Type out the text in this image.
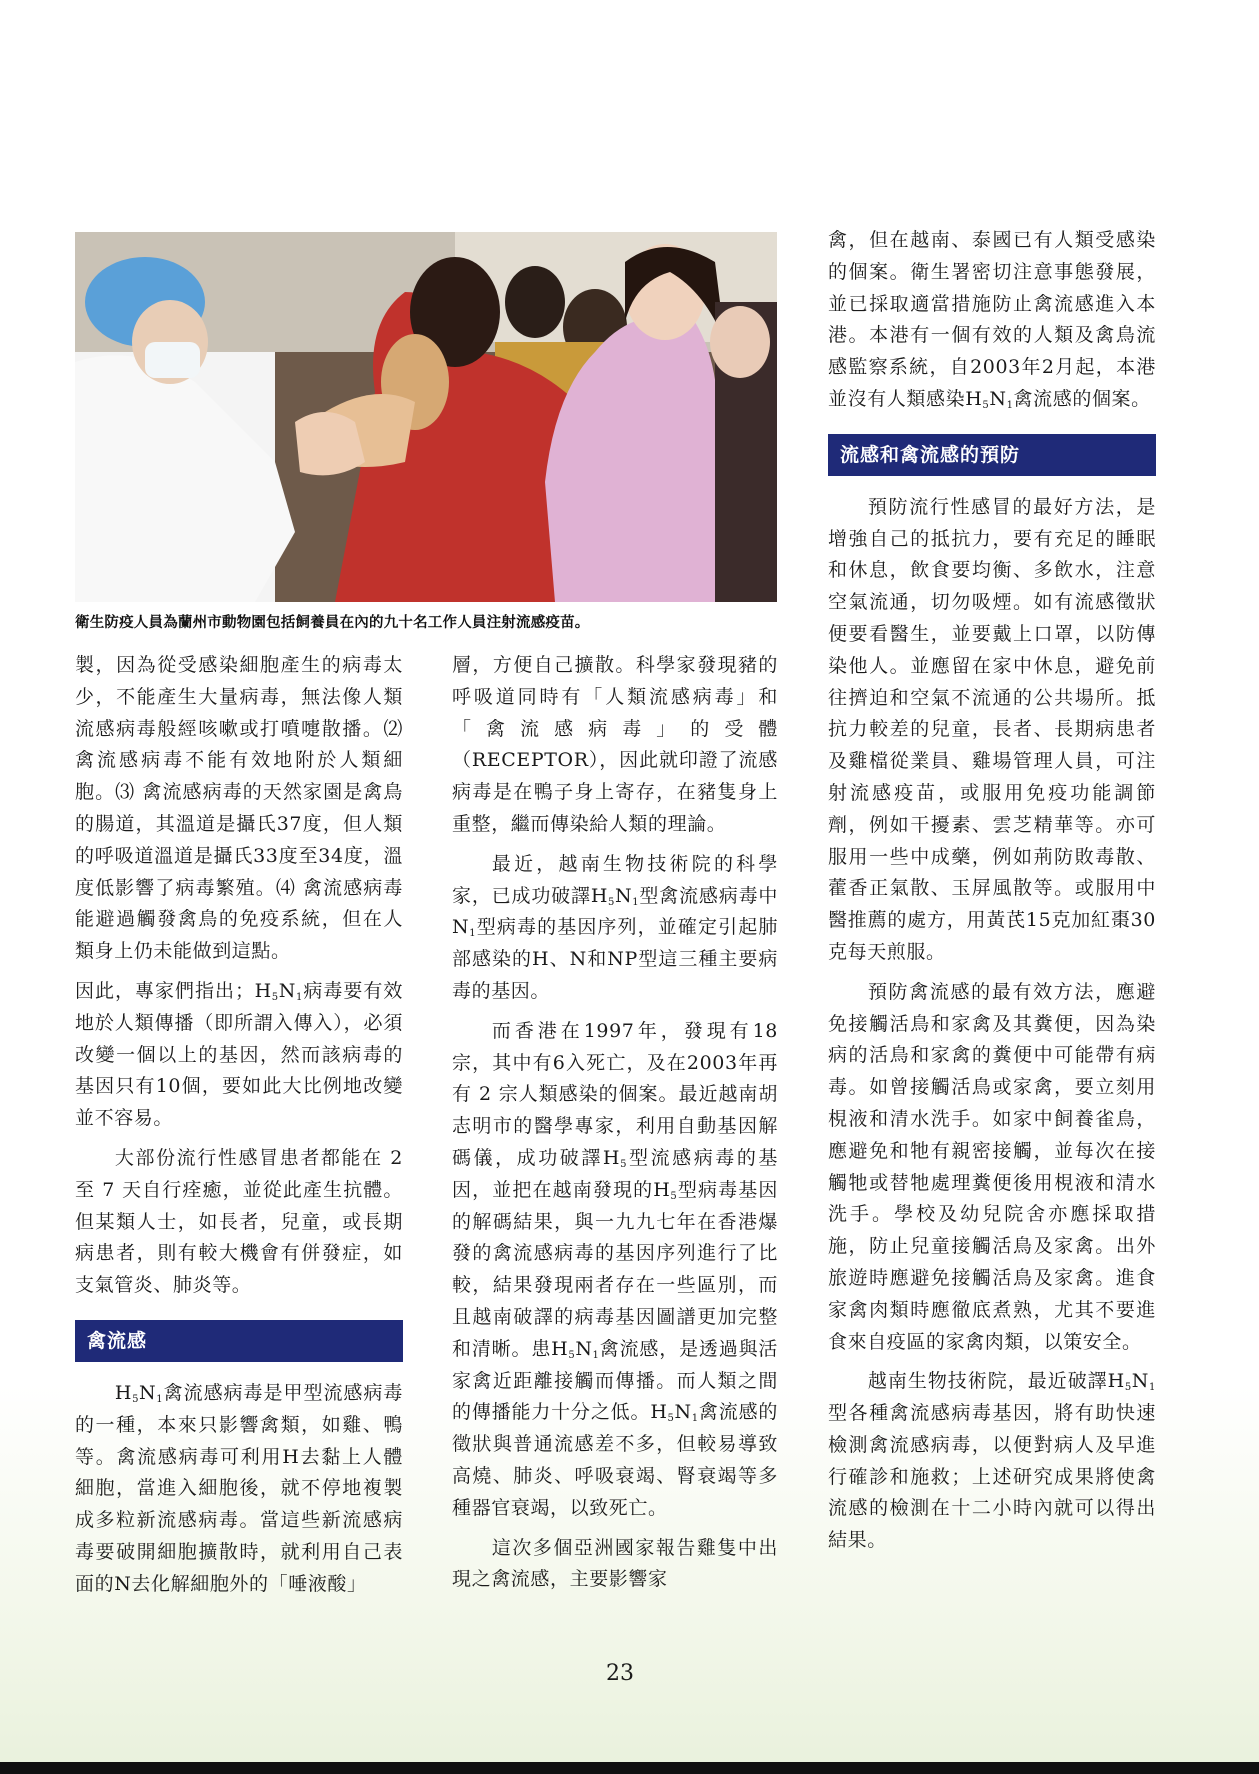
衛生防疫人員為蘭州市動物園包括飼養員在內的九十名工作人員注射流感疫苗。

製，因為從受感染細胞產生的病毒太少，不能產生大量病毒，無法像人類流感病毒般經咳嗽或打噴嚏散播。⑵ 禽流感病毒不能有效地附於人類細胞。⑶ 禽流感病毒的天然家園是禽鳥的腸道，其溫道是攝氏37度，但人類的呼吸道溫道是攝氏33度至34度，溫度低影響了病毒繁殖。⑷ 禽流感病毒能避過觸發禽鳥的免疫系統，但在人類身上仍未能做到這點。

因此，專家們指出；$H_5N_1$病毒要有效地於人類傳播（即所謂入傳入），必須改變一個以上的基因，然而該病毒的基因只有10個，要如此大比例地改變並不容易。

大部份流行性感冒患者都能在 2 至 7 天自行痊癒，並從此產生抗體。但某類人士，如長者，兒童，或長期病患者，則有較大機會有併發症，如支氣管炎、肺炎等。

禽流感

$H_5N_1$禽流感病毒是甲型流感病毒的一種，本來只影響禽類，如雞、鴨等。禽流感病毒可利用H去黏上人體細胞，當進入細胞後，就不停地複製成多粒新流感病毒。當這些新流感病毒要破開細胞擴散時，就利用自己表面的N去化解細胞外的「唾液酸」

層，方便自己擴散。科學家發現豬的呼吸道同時有「人類流感病毒」和「禽流感病毒」的受體（RECEPTOR），因此就印證了流感病毒是在鴨子身上寄存，在豬隻身上重整，繼而傳染給人類的理論。

最近，越南生物技術院的科學家，已成功破譯$H_5N_1$型禽流感病毒中$N_1$型病毒的基因序列，並確定引起肺部感染的H、N和NP型這三種主要病毒的基因。

而香港在1997年，發現有18宗，其中有6入死亡，及在2003年再有 2 宗人類感染的個案。最近越南胡志明市的醫學專家，利用自動基因解碼儀，成功破譯$H_5$型流感病毒的基因，並把在越南發現的$H_5$型病毒基因的解碼結果，與一九九七年在香港爆發的禽流感病毒的基因序列進行了比較，結果發現兩者存在一些區別，而且越南破譯的病毒基因圖譜更加完整和清晰。患$H_5N_1$禽流感，是透過與活家禽近距離接觸而傳播。而人類之間的傳播能力十分之低。$H_5N_1$禽流感的徵狀與普通流感差不多，但較易導致高燒、肺炎、呼吸衰竭、腎衰竭等多種器官衰竭，以致死亡。

這次多個亞洲國家報告雞隻中出現之禽流感，主要影響家

禽，但在越南、泰國已有人類受感染的個案。衛生署密切注意事態發展，並已採取適當措施防止禽流感進入本港。本港有一個有效的人類及禽鳥流感監察系統，自2003年2月起，本港並沒有人類感染$H_5N_1$禽流感的個案。

流感和禽流感的預防

預防流行性感冒的最好方法，是增強自己的抵抗力，要有充足的睡眠和休息，飲食要均衡、多飲水，注意空氣流通，切勿吸煙。如有流感徵狀便要看醫生，並要戴上口罩，以防傳染他人。並應留在家中休息，避免前往擠迫和空氣不流通的公共場所。抵抗力較差的兒童，長者、長期病患者及雞檔從業員、雞場管理人員，可注射流感疫苗，或服用免疫功能調節劑，例如干擾素、雲芝精華等。亦可服用一些中成藥，例如荊防敗毒散、藿香正氣散、玉屏風散等。或服用中醫推薦的處方，用黃芪15克加紅棗30克每天煎服。

預防禽流感的最有效方法，應避免接觸活鳥和家禽及其糞便，因為染病的活鳥和家禽的糞便中可能帶有病毒。如曾接觸活鳥或家禽，要立刻用梘液和清水洗手。如家中飼養雀鳥，應避免和牠有親密接觸，並每次在接觸牠或替牠處理糞便後用梘液和清水洗手。學校及幼兒院舍亦應採取措施，防止兒童接觸活鳥及家禽。出外旅遊時應避免接觸活鳥及家禽。進食家禽肉類時應徹底煮熟，尤其不要進食來自疫區的家禽肉類，以策安全。

越南生物技術院，最近破譯$H_5N_1$型各種禽流感病毒基因，將有助快速檢測禽流感病毒，以便對病人及早進行確診和施救；上述研究成果將使禽流感的檢測在十二小時內就可以得出結果。

23
